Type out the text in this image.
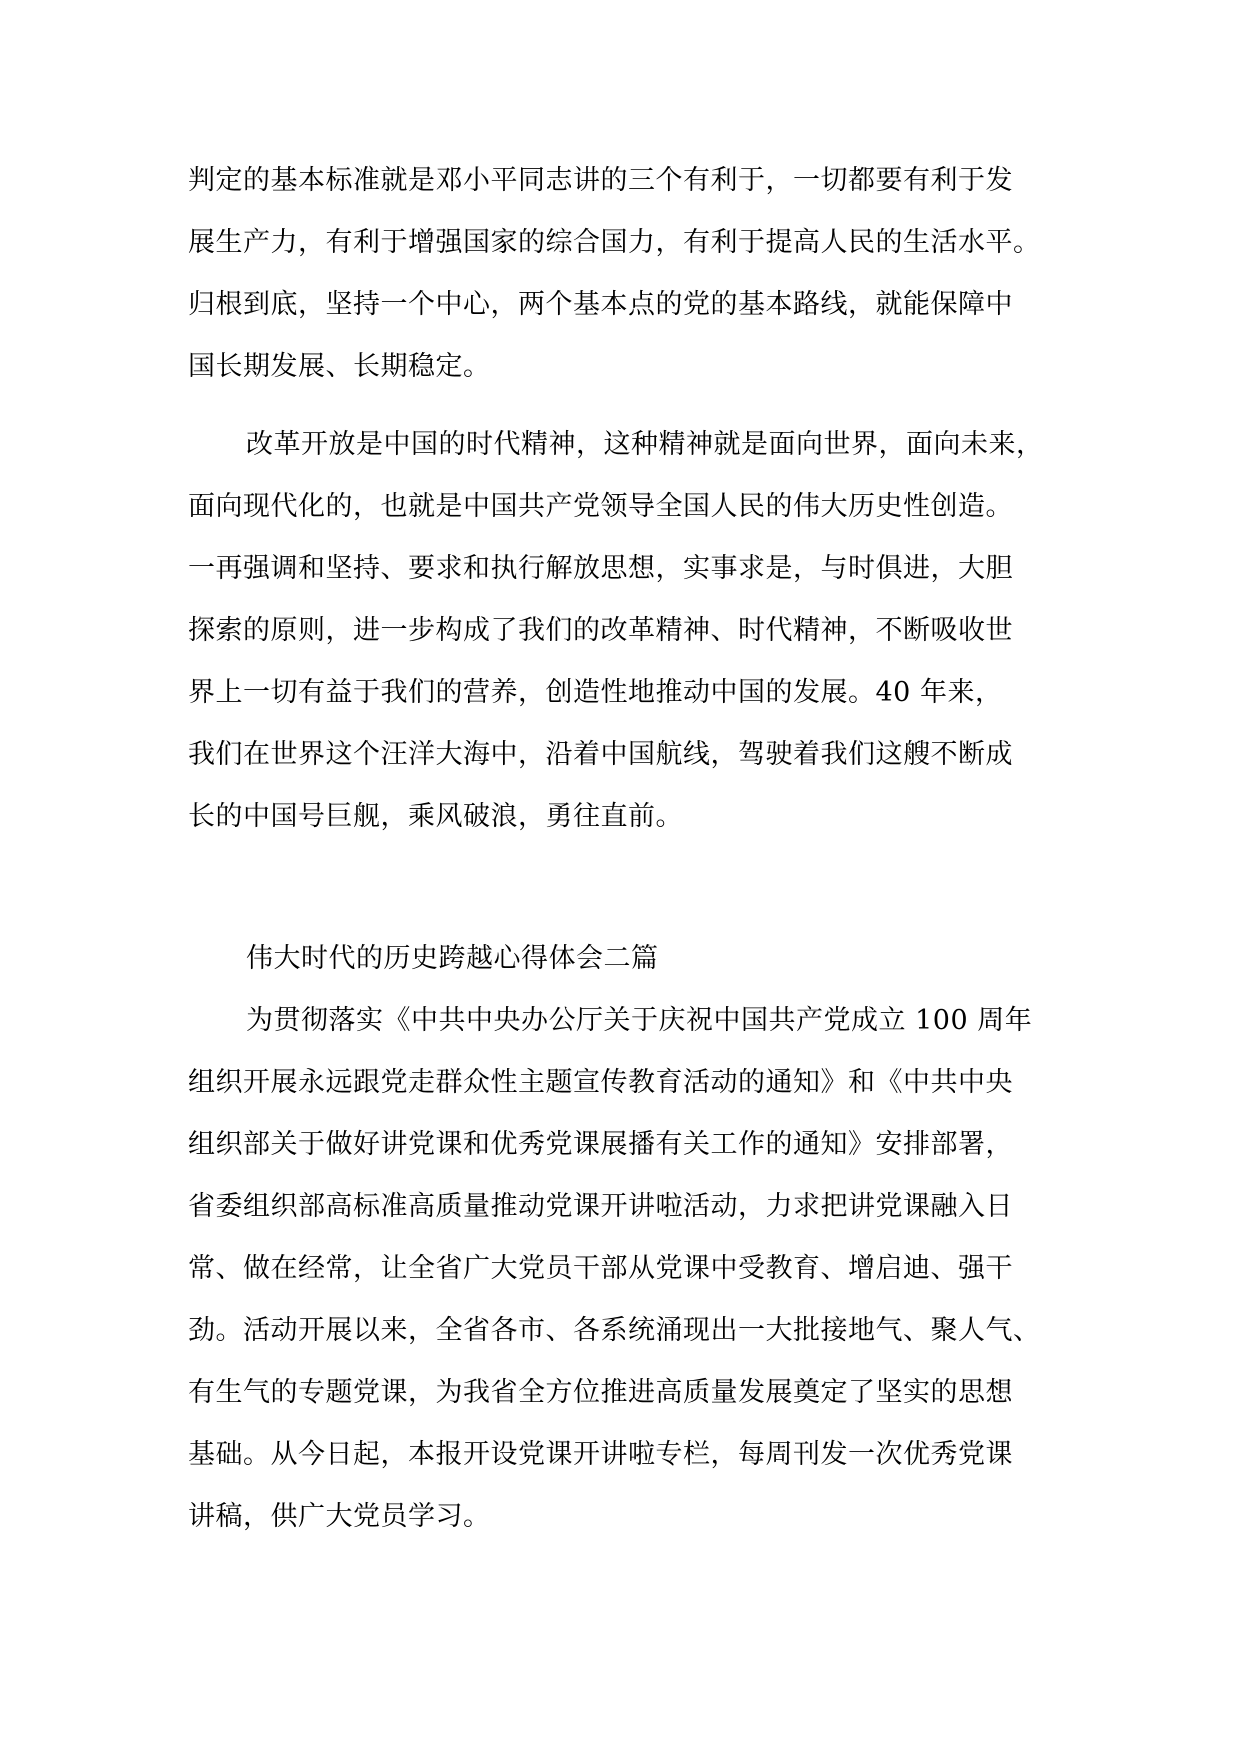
判定的基本标准就是邓小平同志讲的三个有利于，一切都要有利于发
展生产力，有利于增强国家的综合国力，有利于提高人民的生活水平。
归根到底，坚持一个中心，两个基本点的党的基本路线，就能保障中
国长期发展、长期稳定。
改革开放是中国的时代精神，这种精神就是面向世界，面向未来，
面向现代化的，也就是中国共产党领导全国人民的伟大历史性创造。
一再强调和坚持、要求和执行解放思想，实事求是，与时俱进，大胆
探索的原则，进一步构成了我们的改革精神、时代精神，不断吸收世
界上一切有益于我们的营养，创造性地推动中国的发展。40 年来，
我们在世界这个汪洋大海中，沿着中国航线，驾驶着我们这艘不断成
长的中国号巨舰，乘风破浪，勇往直前。
伟大时代的历史跨越心得体会二篇
为贯彻落实《中共中央办公厅关于庆祝中国共产党成立 100 周年
组织开展永远跟党走群众性主题宣传教育活动的通知》和《中共中央
组织部关于做好讲党课和优秀党课展播有关工作的通知》安排部署，
省委组织部高标准高质量推动党课开讲啦活动，力求把讲党课融入日
常、做在经常，让全省广大党员干部从党课中受教育、增启迪、强干
劲。活动开展以来，全省各市、各系统涌现出一大批接地气、聚人气、
有生气的专题党课，为我省全方位推进高质量发展奠定了坚实的思想
基础。从今日起，本报开设党课开讲啦专栏，每周刊发一次优秀党课
讲稿，供广大党员学习。
